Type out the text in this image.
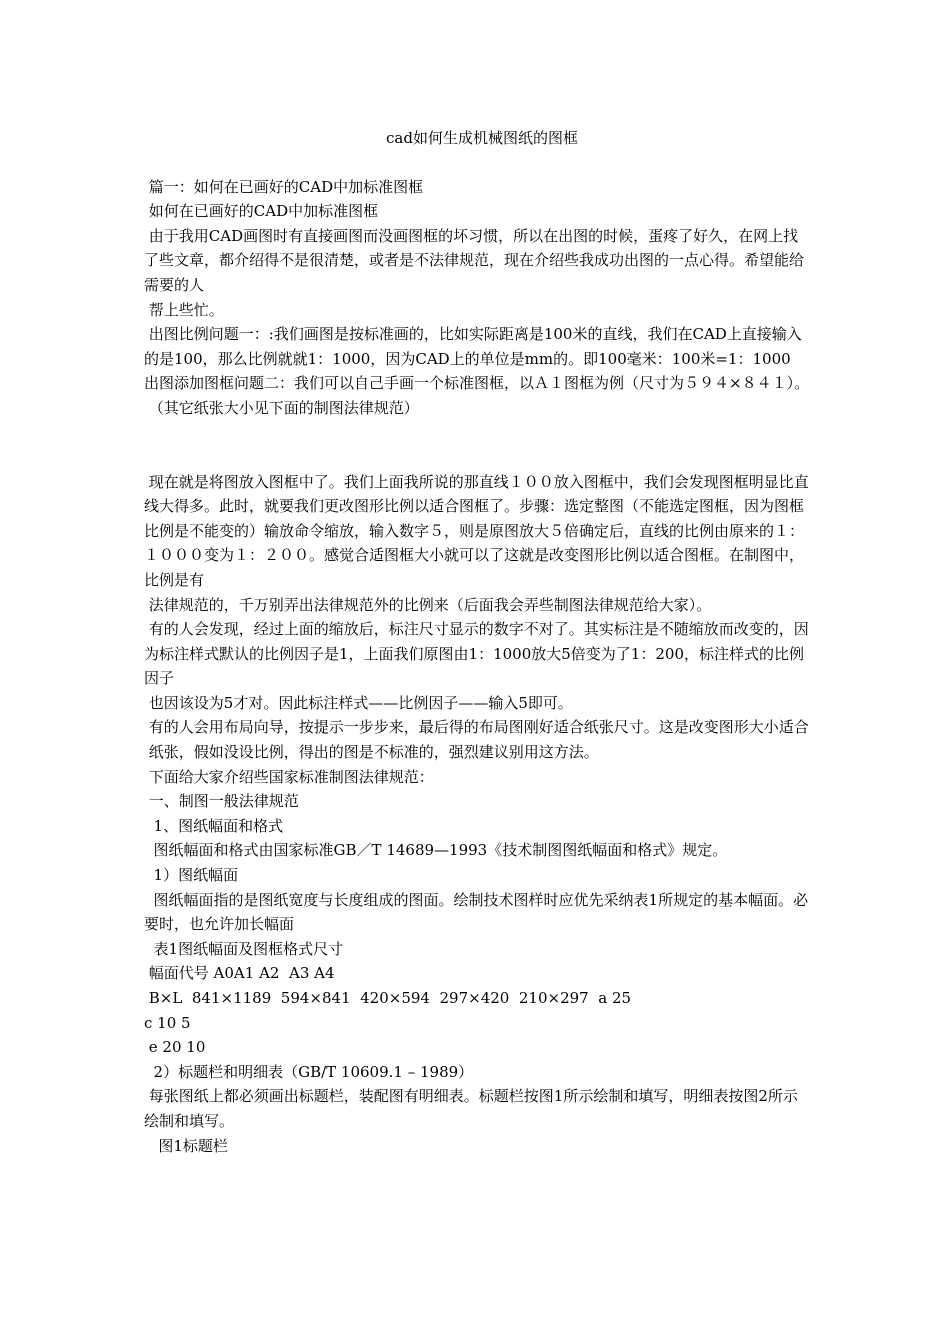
cad如何生成机械图纸的图框

篇一：如何在已画好的CAD中加标准图框

如何在已画好的CAD中加标准图框

由于我用CAD画图时有直接画图而没画图框的坏习惯，所以在出图的时候，蛋疼了好久，在网上找了些文章，都介绍得不是很清楚，或者是不法律规范，现在介绍些我成功出图的一点心得。希望能给需要的人

帮上些忙。

出图比例问题一：:我们画图是按标准画的，比如实际距离是100米的直线，我们在CAD上直接输入的是100，那么比例就就1：1000，因为CAD上的单位是mm的。即100毫米：100米=1：1000  出图添加图框问题二：我们可以自己手画一个标准图框，以Ａ１图框为例（尺寸为５９４×８４１）。

（其它纸张大小见下面的制图法律规范）

现在就是将图放入图框中了。我们上面我所说的那直线１００放入图框中，我们会发现图框明显比直线大得多。此时，就要我们更改图形比例以适合图框了。步骤：选定整图（不能选定图框，因为图框比例是不能变的）输放命令缩放，输入数字５，则是原图放大５倍确定后，直线的比例由原来的１：１０００变为１：２００。感觉合适图框大小就可以了这就是改变图形比例以适合图框。在制图中，比例是有

法律规范的，千万别弄出法律规范外的比例来（后面我会弄些制图法律规范给大家）。

有的人会发现，经过上面的缩放后，标注尺寸显示的数字不对了。其实标注是不随缩放而改变的，因为标注样式默认的比例因子是1，上面我们原图由1：1000放大5倍变为了1：200，标注样式的比例因子

也因该设为5才对。因此标注样式——比例因子——输入5即可。

有的人会用布局向导，按提示一步步来，最后得的布局图刚好适合纸张尺寸。这是改变图形大小适合

纸张，假如没设比例，得出的图是不标准的，强烈建议别用这方法。

下面给大家介绍些国家标准制图法律规范：

一、制图一般法律规范

1、图纸幅面和格式

图纸幅面和格式由国家标准GB／T 14689—1993《技术制图图纸幅面和格式》规定。

1）图纸幅面

图纸幅面指的是图纸宽度与长度组成的图面。绘制技术图样时应优先采纳表1所规定的基本幅面。必要时，也允许加长幅面

表1图纸幅面及图框格式尺寸

幅面代号 A0A1 A2  A3 A4

B×L  841×1189  594×841  420×594  297×420  210×297  a 25

c 10 5

e 20 10

2）标题栏和明细表（GB/T 10609.1 – 1989）

每张图纸上都必须画出标题栏，装配图有明细表。标题栏按图1所示绘制和填写，明细表按图2所示绘制和填写。

图1标题栏
